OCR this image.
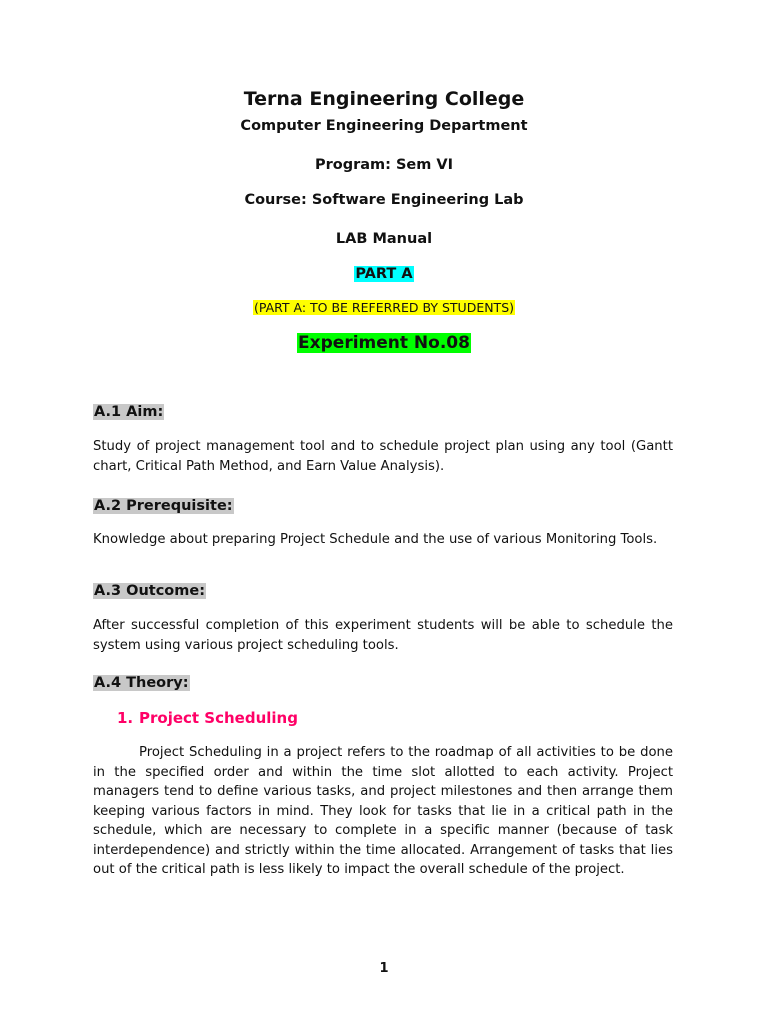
Terna Engineering College
Computer Engineering Department
Program: Sem VI
Course: Software Engineering Lab
LAB Manual
PART A
(PART A: TO BE REFERRED BY STUDENTS)
Experiment No.08
A.1 Aim:
Study of project management tool and to schedule project plan using any tool (Gantt chart, Critical Path Method, and Earn Value Analysis).
A.2 Prerequisite:
Knowledge about preparing Project Schedule and the use of various Monitoring Tools.
A.3 Outcome:
After successful completion of this experiment students will be able to schedule the system using various project scheduling tools.
A.4 Theory:
1. Project Scheduling
Project Scheduling in a project refers to the roadmap of all activities to be done in the specified order and within the time slot allotted to each activity. Project managers tend to define various tasks, and project milestones and then arrange them keeping various factors in mind. They look for tasks that lie in a critical path in the schedule, which are necessary to complete in a specific manner (because of task interdependence) and strictly within the time allocated. Arrangement of tasks that lies out of the critical path is less likely to impact the overall schedule of the project.
1
